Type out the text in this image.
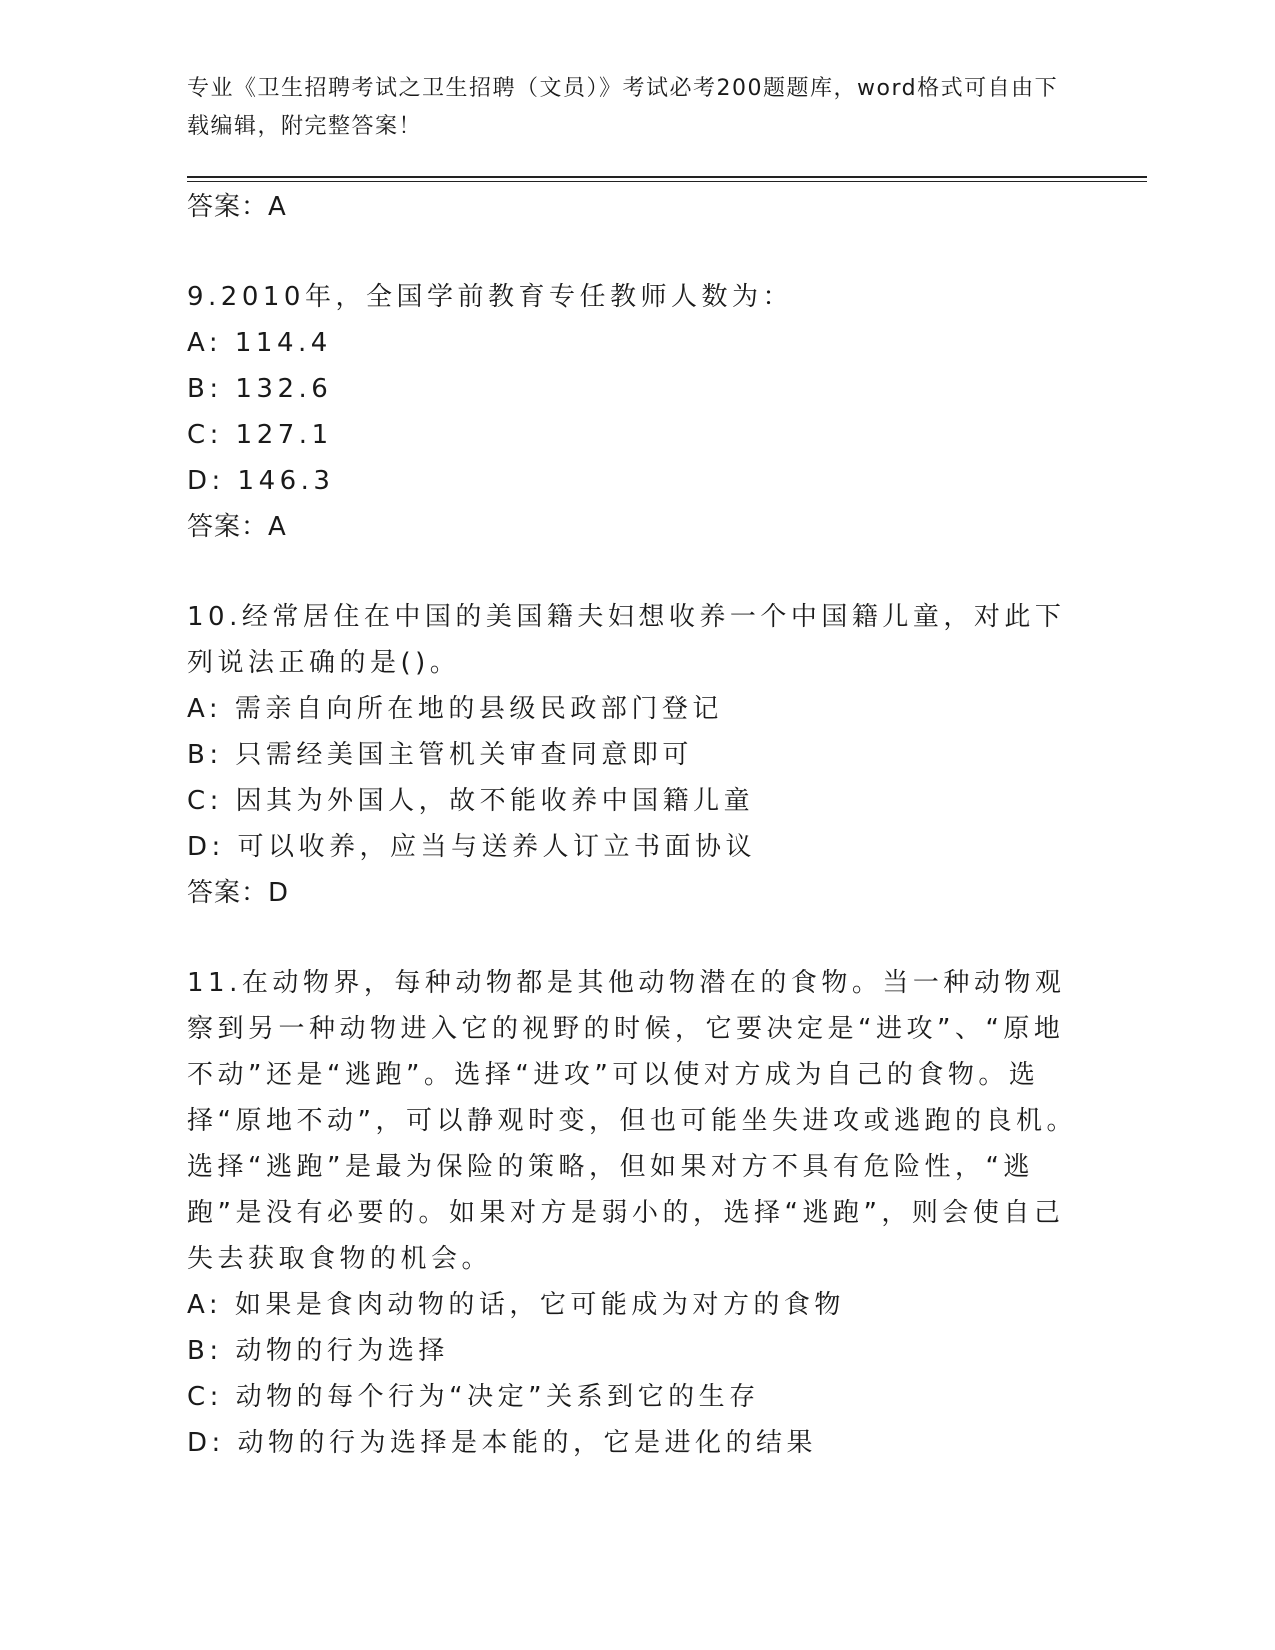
专业《卫生招聘考试之卫生招聘（文员）》考试必考200题题库，word格式可自由下载编辑，附完整答案！
答案：A
9.2010年，全国学前教育专任教师人数为：
A: 114.4
B: 132.6
C: 127.1
D: 146.3
答案：A
10.经常居住在中国的美国籍夫妇想收养一个中国籍儿童，对此下列说法正确的是()。
A: 需亲自向所在地的县级民政部门登记
B: 只需经美国主管机关审查同意即可
C: 因其为外国人，故不能收养中国籍儿童
D: 可以收养，应当与送养人订立书面协议
答案：D
11.在动物界，每种动物都是其他动物潜在的食物。当一种动物观察到另一种动物进入它的视野的时候，它要决定是“进攻”、“原地不动”还是“逃跑”。选择“进攻”可以使对方成为自己的食物。选择“原地不动”，可以静观时变，但也可能坐失进攻或逃跑的良机。选择“逃跑”是最为保险的策略，但如果对方不具有危险性，“逃跑”是没有必要的。如果对方是弱小的，选择“逃跑”，则会使自己失去获取食物的机会。
A: 如果是食肉动物的话，它可能成为对方的食物
B: 动物的行为选择
C: 动物的每个行为“决定”关系到它的生存
D: 动物的行为选择是本能的，它是进化的结果
